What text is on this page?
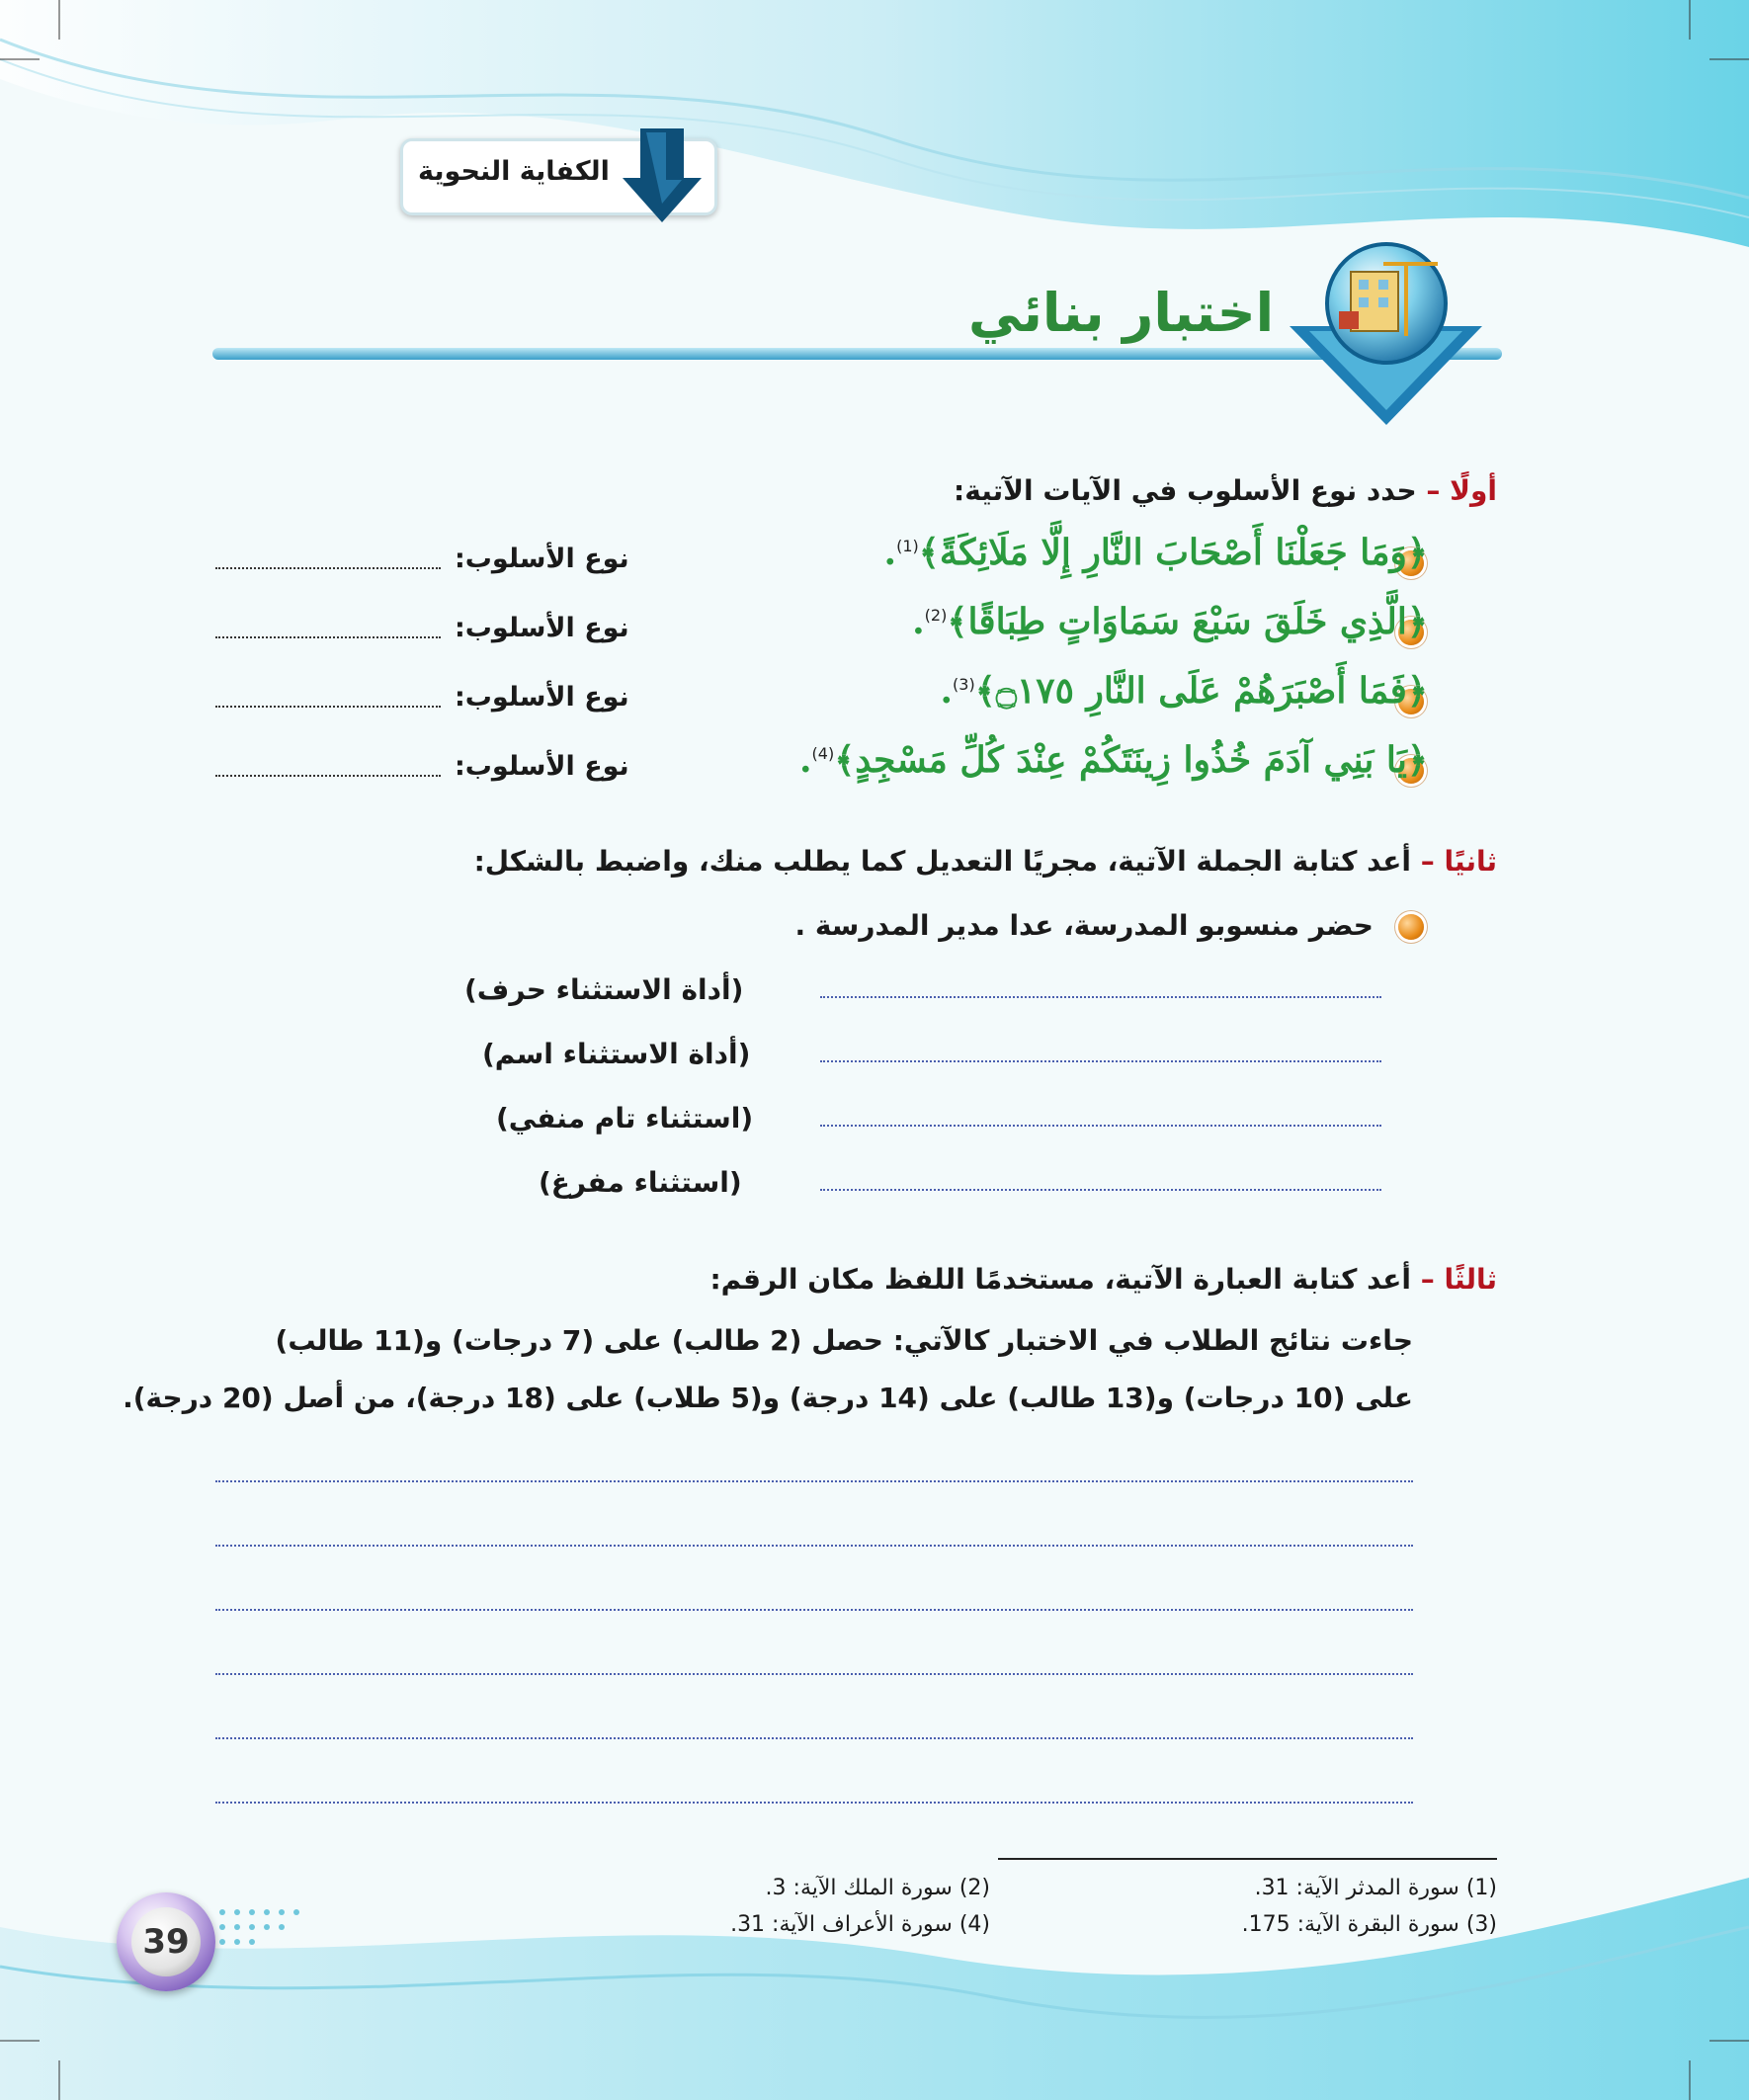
الكفاية النحوية
اختبار بنائي
أولًا – حدد نوع الأسلوب في الآيات الآتية:
﴿وَمَا جَعَلْنَا أَصْحَابَ النَّارِ إِلَّا مَلَائِكَةً﴾$^{(1)}$.
نوع الأسلوب:
﴿الَّذِي خَلَقَ سَبْعَ سَمَاوَاتٍ طِبَاقًا﴾$^{(2)}$.
نوع الأسلوب:
﴿فَمَا أَصْبَرَهُمْ عَلَى النَّارِ ۝١٧٥﴾$^{(3)}$.
نوع الأسلوب:
﴿يَا بَنِي آدَمَ خُذُوا زِينَتَكُمْ عِنْدَ كُلِّ مَسْجِدٍ﴾$^{(4)}$.
نوع الأسلوب:
ثانيًا – أعد كتابة الجملة الآتية، مجريًا التعديل كما يطلب منك، واضبط بالشكل:
حضر منسوبو المدرسة، عدا مدير المدرسة .
(أداة الاستثناء حرف)
(أداة الاستثناء اسم)
(استثناء تام منفي)
(استثناء مفرغ)
ثالثًا – أعد كتابة العبارة الآتية، مستخدمًا اللفظ مكان الرقم:
جاءت نتائج الطلاب في الاختبار كالآتي: حصل (2 طالب) على (7 درجات) و(11 طالب)
على (10 درجات) و(13 طالب) على (14 درجة) و(5 طلاب) على (18 درجة)، من أصل (20 درجة).
(1) سورة المدثر الآية: 31.
(2) سورة الملك الآية: 3.
(3) سورة البقرة الآية: 175.
(4) سورة الأعراف الآية: 31.
39
